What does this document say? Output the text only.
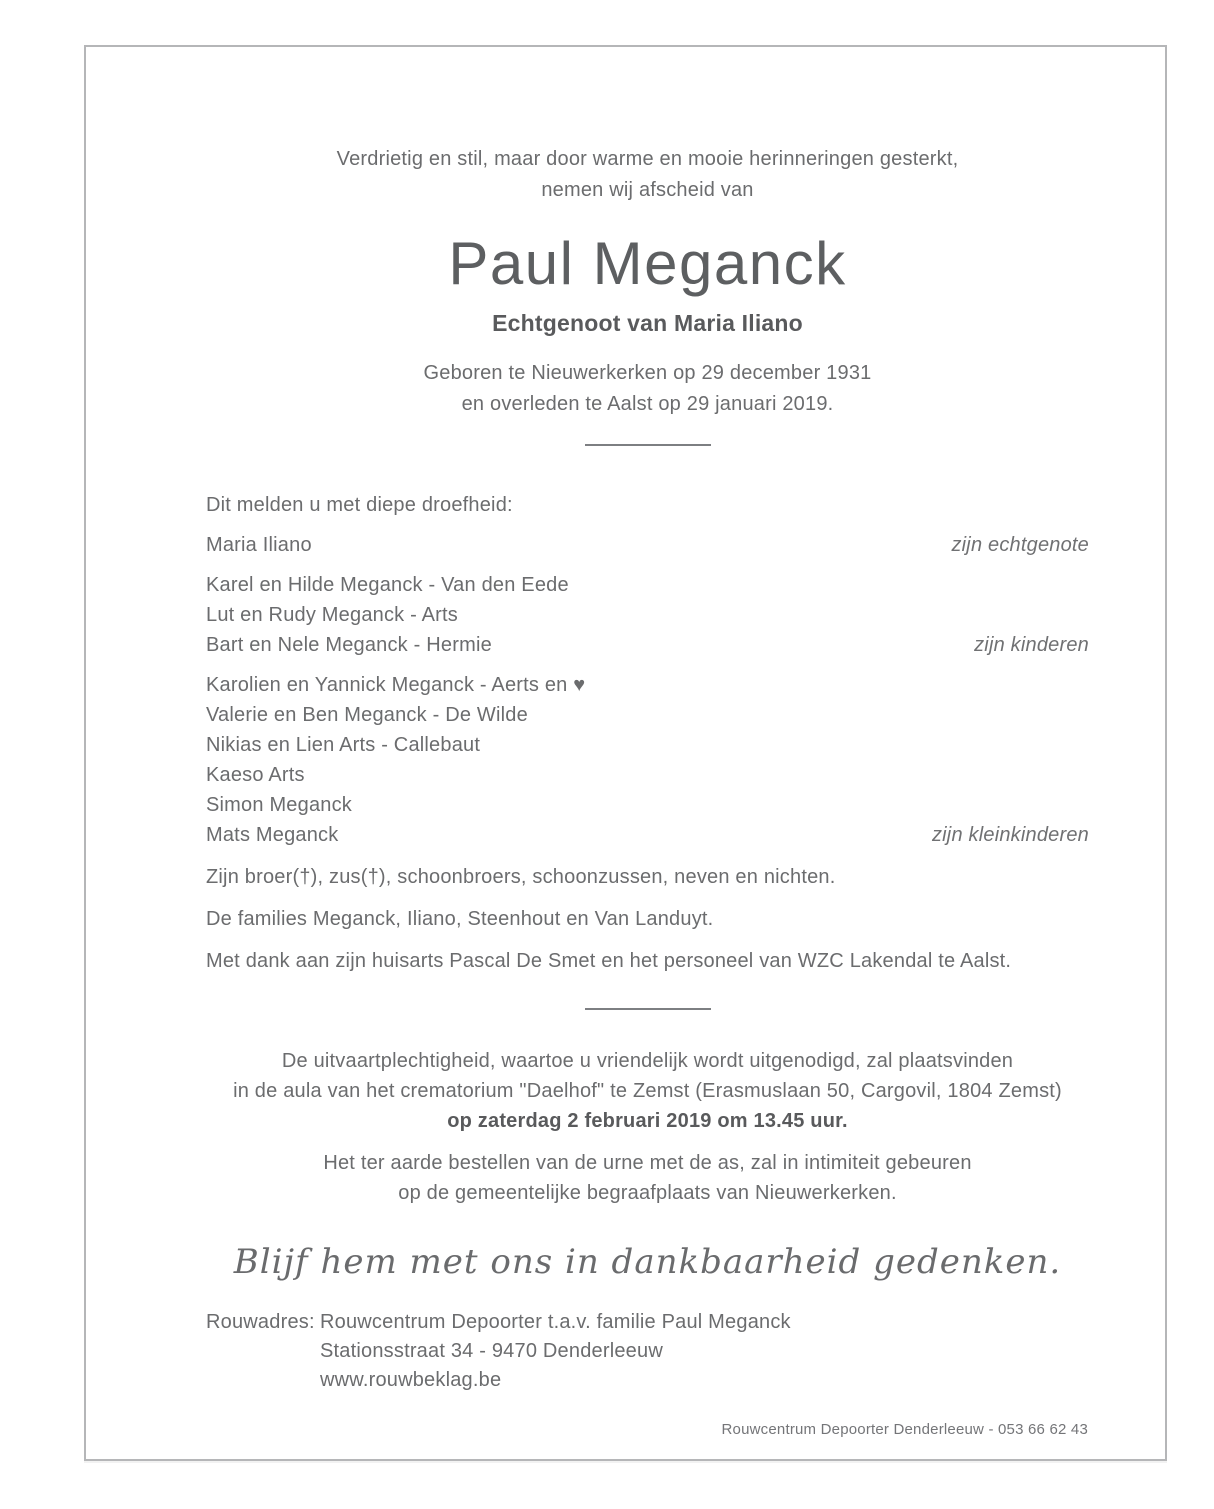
Verdrietig en stil, maar door warme en mooie herinneringen gesterkt,
nemen wij afscheid van
Paul Meganck
Echtgenoot van Maria Iliano
Geboren te Nieuwerkerken op 29 december 1931
en overleden te Aalst op 29 januari 2019.
Dit melden u met diepe droefheid:
Maria Iliano	zijn echtgenote
Karel en Hilde Meganck - Van den Eede
Lut en Rudy Meganck - Arts
Bart en Nele Meganck - Hermie	zijn kinderen
Karolien en Yannick Meganck - Aerts en ♥
Valerie en Ben Meganck - De Wilde
Nikias en Lien Arts - Callebaut
Kaeso Arts
Simon Meganck
Mats Meganck	zijn kleinkinderen
Zijn broer(†), zus(†), schoonbroers, schoonzussen, neven en nichten.
De families Meganck, Iliano, Steenhout en Van Landuyt.
Met dank aan zijn huisarts Pascal De Smet en het personeel van WZC Lakendal te Aalst.
De uitvaartplechtigheid, waartoe u vriendelijk wordt uitgenodigd, zal plaatsvinden
in de aula van het crematorium "Daelhof" te Zemst (Erasmuslaan 50, Cargovil, 1804 Zemst)
op zaterdag 2 februari 2019 om 13.45 uur.
Het ter aarde bestellen van de urne met de as, zal in intimiteit gebeuren
op de gemeentelijke begraafplaats van Nieuwerkerken.
Blijf hem met ons in dankbaarheid gedenken.
Rouwadres: Rouwcentrum Depoorter t.a.v. familie Paul Meganck
Stationsstraat 34 - 9470 Denderleeuw
www.rouwbeklag.be
Rouwcentrum Depoorter Denderleeuw - 053 66 62 43
